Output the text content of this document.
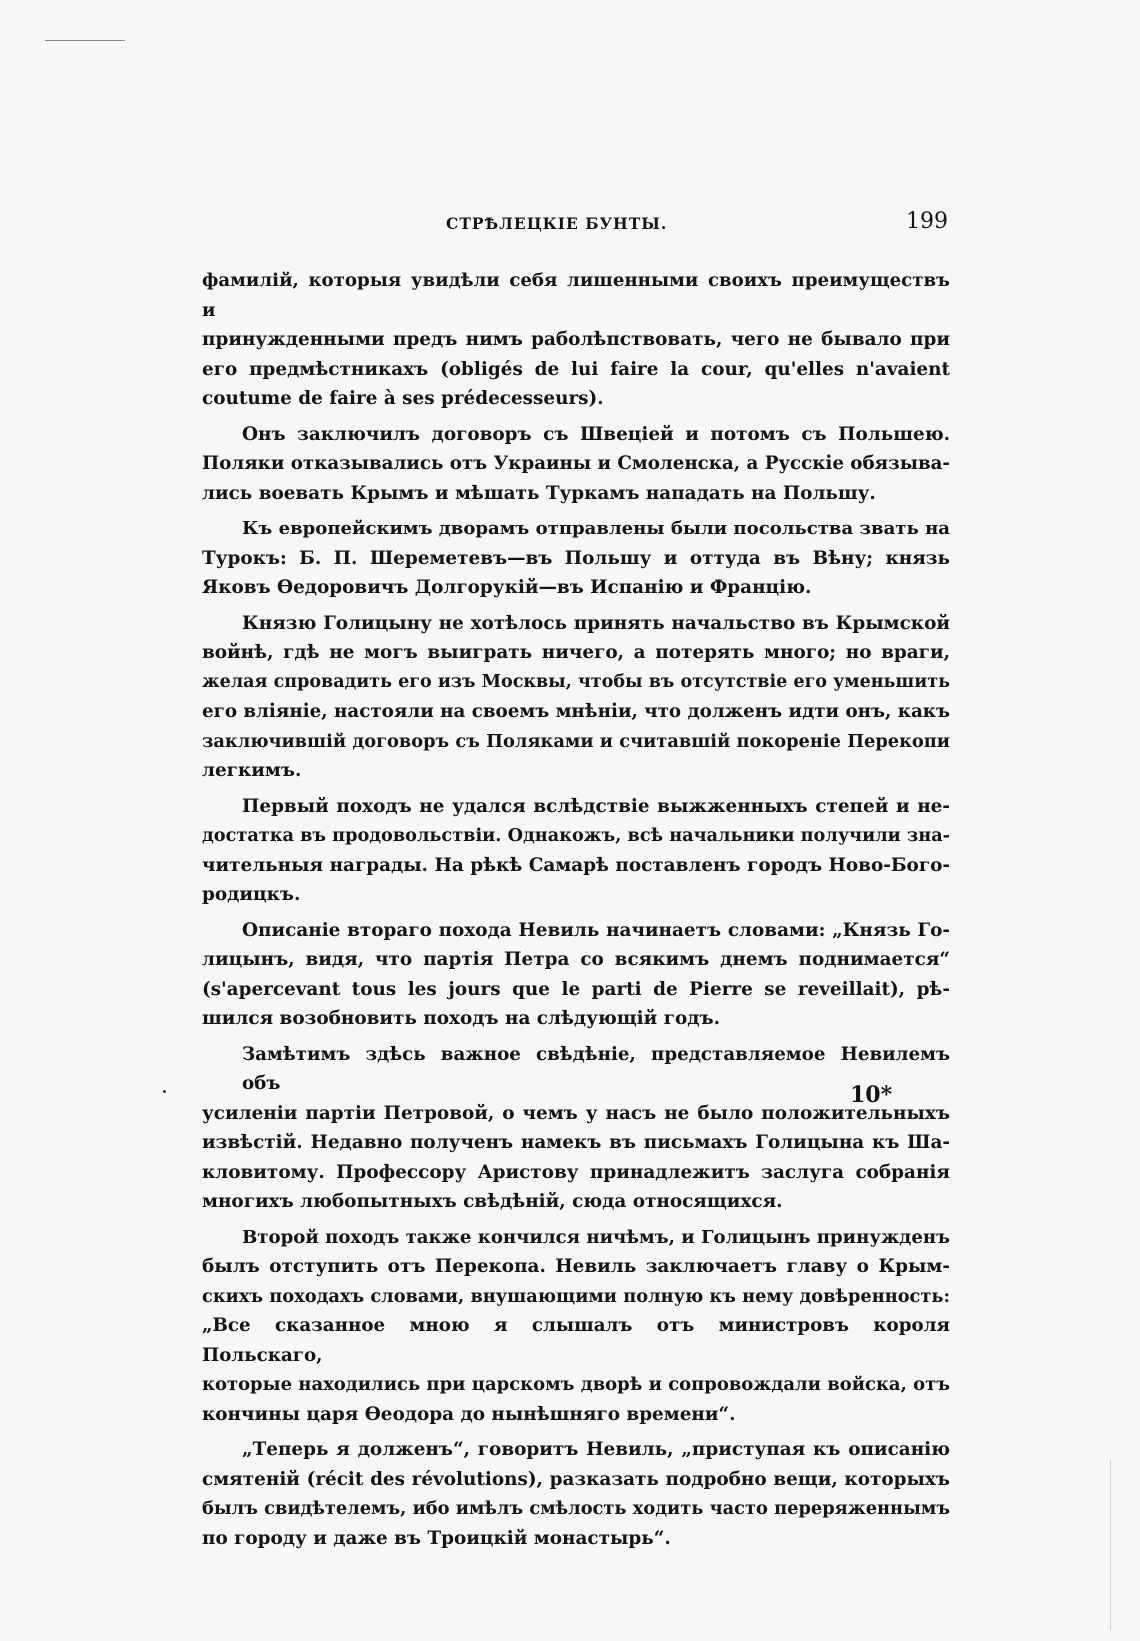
СТРѢЛЕЦКІЕ БУНТЫ.	199
фамилій, которыя увидѣли себя лишенными своихъ преимуществъ и
принужденными предъ нимъ раболѣпствовать, чего не бывало при
его предмѣстникахъ (obligés de lui faire la cour, qu'elles n'avaient
coutume de faire à ses prédecesseurs).
Онъ заключилъ договоръ съ Швеціей и потомъ съ Польшею.
Поляки отказывались отъ Украины и Смоленска, а Русскіе обязыва-
лись воевать Крымъ и мѣшать Туркамъ нападать на Польшу.
Къ европейскимъ дворамъ отправлены были посольства звать на
Турокъ: Б. П. Шереметевъ—въ Польшу и оттуда въ Вѣну; князь
Яковъ Ѳедоровичъ Долгорукій—въ Испанію и Францію.
Князю Голицыну не хотѣлось принять начальство въ Крымской
войнѣ, гдѣ не могъ выиграть ничего, а потерять много; но враги,
желая спровадить его изъ Москвы, чтобы въ отсутствіе его уменьшить
его вліяніе, настояли на своемъ мнѣніи, что долженъ идти онъ, какъ
заключившій договоръ съ Поляками и считавшій покореніе Перекопи
легкимъ.
Первый походъ не удался вслѣдствіе выжженныхъ степей и не-
достатка въ продовольствіи. Однакожъ, всѣ начальники получили зна-
чительныя награды. На рѣкѣ Самарѣ поставленъ городъ Ново-Бого-
родицкъ.
Описаніе втораго похода Невиль начинаетъ словами: „Князь Го-
лицынъ, видя, что партія Петра со всякимъ днемъ поднимается“
(s'apercevant tous les jours que le parti de Pierre se reveillait), рѣ-
шился возобновить походъ на слѣдующій годъ.
Замѣтимъ здѣсь важное свѣдѣніе, представляемое Невилемъ объ
усиленіи партіи Петровой, о чемъ у насъ не было положительныхъ
извѣстій. Недавно полученъ намекъ въ письмахъ Голицына къ Ша-
кловитому. Профессору Аристову принадлежитъ заслуга собранія
многихъ любопытныхъ свѣдѣній, сюда относящихся.
Второй походъ также кончился ничѣмъ, и Голицынъ принужденъ
былъ отступить отъ Перекопа. Невиль заключаетъ главу о Крым-
скихъ походахъ словами, внушающими полную къ нему довѣренность:
„Все сказанное мною я слышалъ отъ министровъ короля Польскаго,
которые находились при царскомъ дворѣ и сопровождали войска, отъ
кончины царя Ѳеодора до нынѣшняго времени“.
„Теперь я долженъ“, говоритъ Невиль, „приступая къ описанію
смятеній (récit des révolutions), разказать подробно вещи, которыхъ
былъ свидѣтелемъ, ибо имѣлъ смѣлость ходить часто переряженнымъ
по городу и даже въ Троицкій монастырь“.
10*
